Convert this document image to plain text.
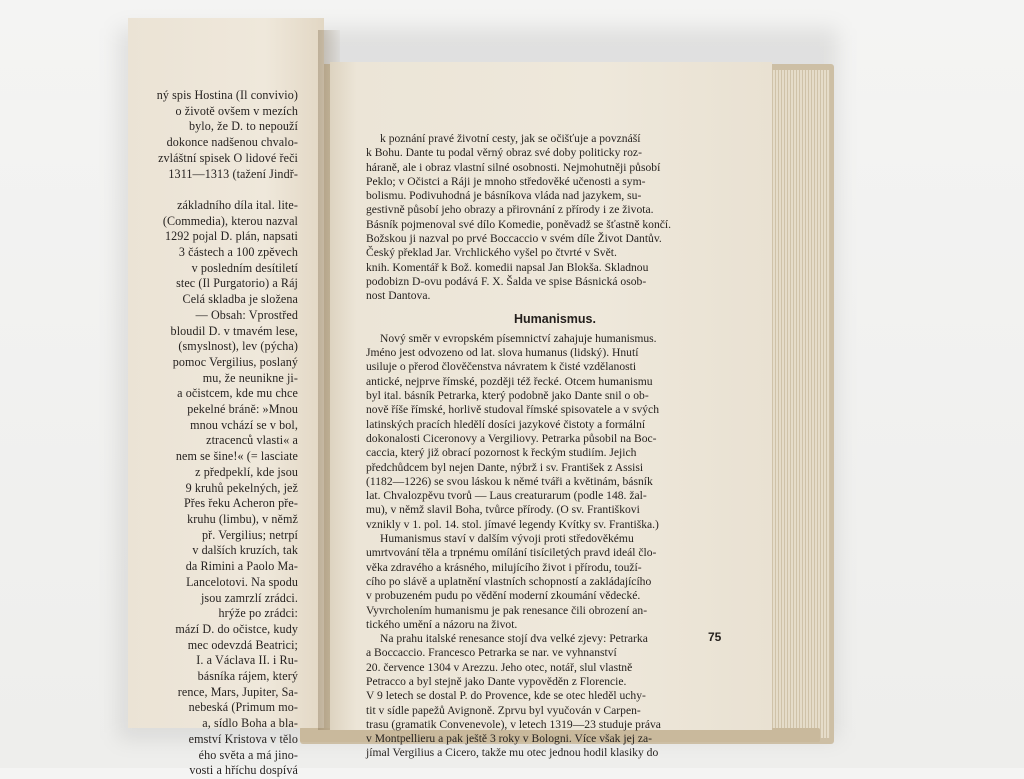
ný spis Hostina (Il convivio)
o životě ovšem v mezích
bylo, že D. to nepouží
dokonce nadšenou chvalo-
zvláštní spisek O lidové řeči
1311—1313 (tažení Jindř-

základního díla ital. lite-
(Commedia), kterou nazval
1292 pojal D. plán, napsati
3 částech a 100 zpěvech
v posledním desítiletí
stec (Il Purgatorio) a Ráj
Celá skladba je složena
— Obsah: Vprostřed
bloudil D. v tmavém lese,
(smyslnost), lev (pýcha)
pomoc Vergilius, poslaný
mu, že neunikne ji-
a očistcem, kde mu chce
pekelné bráně: »Mnou
mnou vchází se v bol,
ztracenců vlasti« a
nem se šine!« (= lasciate
z předpeklí, kde jsou
9 kruhů pekelných, jež
Přes řeku Acheron pře-
kruhu (limbu), v němž
př. Vergilius; netrpí
v dalších kruzích, tak
da Rimini a Paolo Ma-
Lancelotovi. Na spodu
jsou zamrzlí zrádci.
hrýže po zrádci:
mází D. do očistce, kudy
mec odevzdá Beatrici;
I. a Václava II. i Ru-
básníka rájem, který
rence, Mars, Jupiter, Sa-
nebeská (Primum mo-
a, sídlo Boha a bla-
emství Kristova v tělo
ého světa a má jino-
vosti a hříchu dospívá
k poznání pravé životní cesty, jak se očišťuje a povznáší
k Bohu. Dante tu podal věrný obraz své doby politicky roz-
háraně, ale i obraz vlastní silné osobnosti. Nejmohutněji působí
Peklo; v Očistci a Ráji je mnoho středověké učenosti a sym-
bolismu. Podivuhodná je básníkova vláda nad jazykem, su-
gestivně působí jeho obrazy a přirovnání z přírody i ze života.
Básník pojmenoval své dílo Komedie, poněvadž se šťastně končí.
Božskou ji nazval po prvé Boccaccio v svém díle Život Dantův.
Český překlad Jar. Vrchlického vyšel po čtvrté v Svět.
knih. Komentář k Bož. komedii napsal Jan Blokša. Skladnou
podobizn D-ovu podává F. X. Šalda ve spise Básnická osob-
nost Dantova.
Humanismus.
Nový směr v evropském písemnictví zahajuje humanismus.
Jméno jest odvozeno od lat. slova humanus (lidský). Hnutí
usiluje o přerod člověčenstva návratem k čisté vzdělanosti
antické, nejprve římské, později též řecké. Otcem humanismu
byl ital. básník Petrarka, který podobně jako Dante snil o ob-
nově říše římské, horlivě studoval římské spisovatele a v svých
latinských pracích hledělí dosíci jazykové čistoty a formální
dokonalosti Ciceronovy a Vergiliovy. Petrarka působil na Boc-
caccia, který již obrací pozornost k řeckým studiím. Jejich
předchůdcem byl nejen Dante, nýbrž i sv. František z Assisi
(1182—1226) se svou láskou k němé tváři a květinám, básník
lat. Chvalozpěvu tvorů — Laus creaturarum (podle 148. žal-
mu), v němž slavil Boha, tvůrce přírody. (O sv. Františkovi
vznikly v 1. pol. 14. stol. jímavé legendy Kvítky sv. Františka.)
Humanismus staví v dalším vývoji proti středověkému
umrtvování těla a trpnému omílání tisíciletých pravd ideál člo-
věka zdravého a krásného, milujícího život i přírodu, touží-
cího po slávě a uplatnění vlastních schopností a zakládajícího
v probuzeném pudu po vědění moderní zkoumání vědecké.
Vyvrcholením humanismu je pak renesance čili obrození an-
tického umění a názoru na život.
Na prahu italské renesance stojí dva velké zjevy: Petrarka
a Boccaccio. Francesco Petrarka se nar. ve vyhnanství
20. července 1304 v Arezzu. Jeho otec, notář, slul vlastně
Petracco a byl stejně jako Dante vypověděn z Florencie.
V 9 letech se dostal P. do Provence, kde se otec hleděl uchy-
tit v sídle papežů Avignoně. Zprvu byl vyučován v Carpen-
trasu (gramatik Convenevole), v letech 1319—23 studuje práva
v Montpellieru a pak ještě 3 roky v Bologni. Více však jej za-
jímal Vergilius a Cicero, takže mu otec jednou hodil klasiky do
75
